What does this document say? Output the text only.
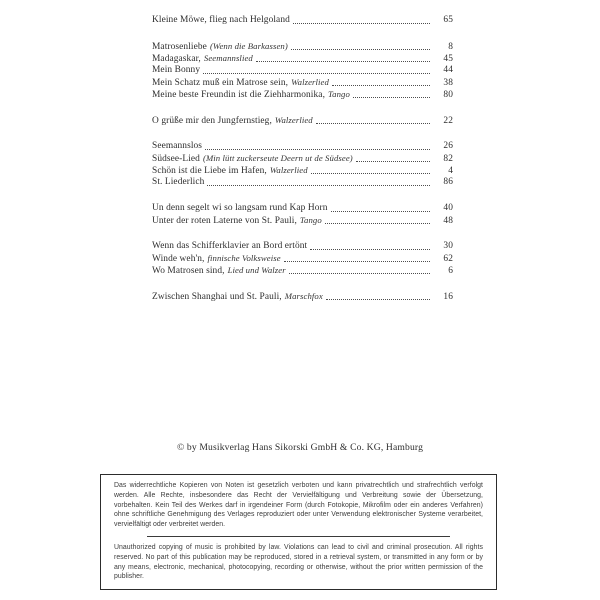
Kleine Möwe, flieg nach Helgoland	65
Matrosenliebe (Wenn die Barkassen)	8
Madagaskar, Seemannslied	45
Mein Bonny	44
Mein Schatz muß ein Matrose sein, Walzerlied	38
Meine beste Freundin ist die Ziehharmonika, Tango	80
O grüße mir den Jungfernstieg, Walzerlied	22
Seemannslos	26
Südsee-Lied (Min lütt zuckerseute Deern ut de Südsee)	82
Schön ist die Liebe im Hafen, Walzerlied	4
St. Liederlich	86
Un denn segelt wi so langsam rund Kap Horn	40
Unter der roten Laterne von St. Pauli, Tango	48
Wenn das Schifferklavier an Bord ertönt	30
Winde weh'n, finnische Volksweise	62
Wo Matrosen sind, Lied und Walzer	6
Zwischen Shanghai und St. Pauli, Marschfox	16
© by Musikverlag Hans Sikorski GmbH & Co. KG, Hamburg

Das widerrechtliche Kopieren von Noten ist gesetzlich verboten und kann privatrechtlich und strafrechtlich verfolgt werden. Alle Rechte, insbesondere das Recht der Vervielfältigung und Verbreitung sowie der Übersetzung, vorbehalten. Kein Teil des Werkes darf in irgendeiner Form (durch Fotokopie, Mikrofilm oder ein anderes Verfahren) ohne schriftliche Genehmigung des Verlages reproduziert oder unter Verwendung elektronischer Systeme verarbeitet, vervielfältigt oder verbreitet werden.

Unauthorized copying of music is prohibited by law. Violations can lead to civil and criminal prosecution. All rights reserved. No part of this publication may be reproduced, stored in a retrieval system, or transmitted in any form or by any means, electronic, mechanical, photocopying, recording or otherwise, without the prior written permission of the publisher.
